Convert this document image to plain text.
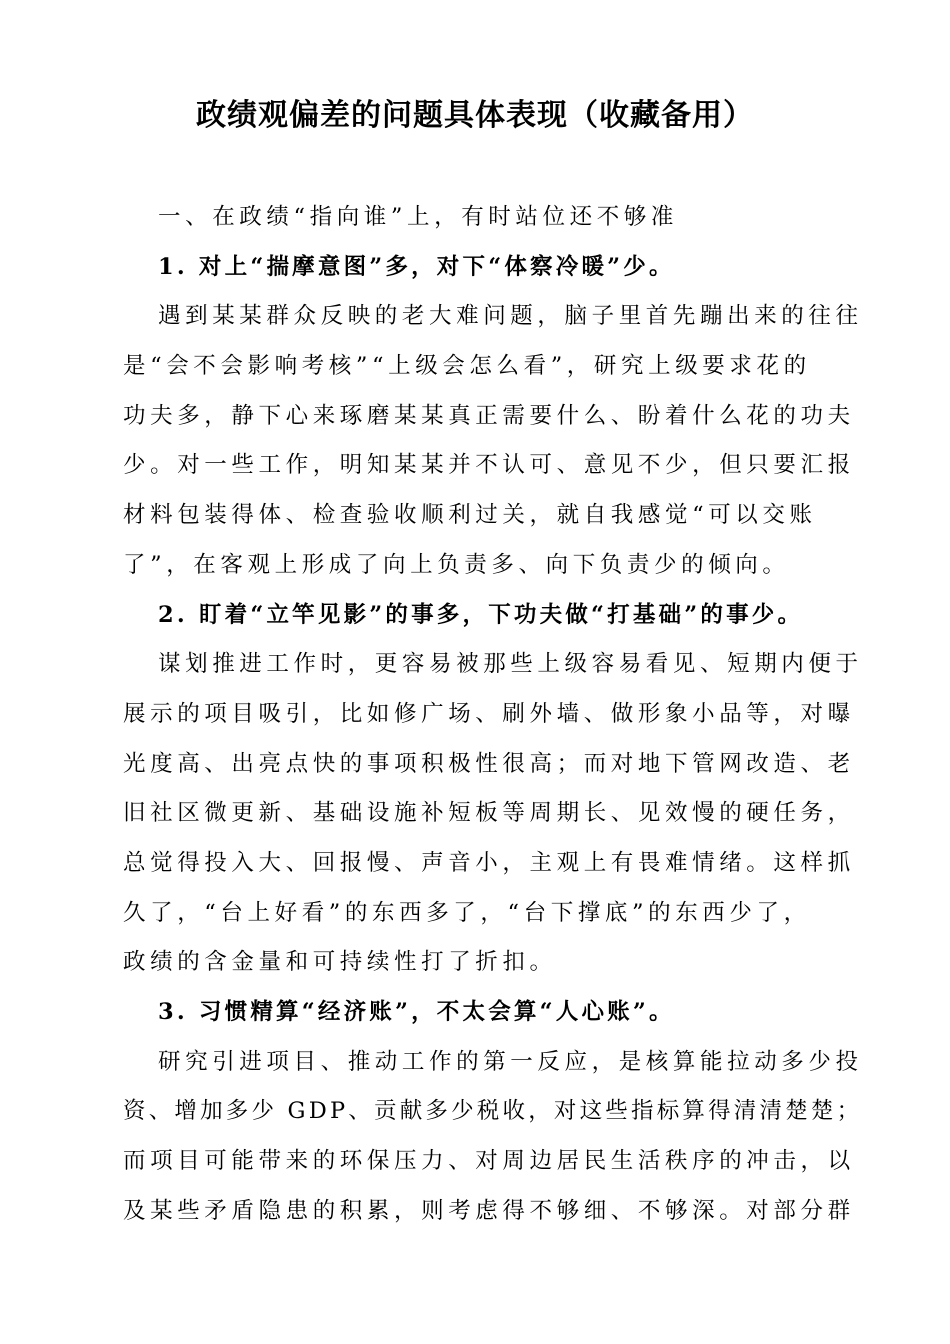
政绩观偏差的问题具体表现（收藏备用）
一、在政绩“指向谁”上，有时站位还不够准
1. 对上“揣摩意图”多，对下“体察冷暖”少。
遇到某某群众反映的老大难问题，脑子里首先蹦出来的往往
是“会不会影响考核”“上级会怎么看”，研究上级要求花的
功夫多，静下心来琢磨某某真正需要什么、盼着什么花的功夫
少。对一些工作，明知某某并不认可、意见不少，但只要汇报
材料包装得体、检查验收顺利过关，就自我感觉“可以交账
了”，在客观上形成了向上负责多、向下负责少的倾向。
2. 盯着“立竿见影”的事多，下功夫做“打基础”的事少。
谋划推进工作时，更容易被那些上级容易看见、短期内便于
展示的项目吸引，比如修广场、刷外墙、做形象小品等，对曝
光度高、出亮点快的事项积极性很高；而对地下管网改造、老
旧社区微更新、基础设施补短板等周期长、见效慢的硬任务，
总觉得投入大、回报慢、声音小，主观上有畏难情绪。这样抓
久了，“台上好看”的东西多了，“台下撑底”的东西少了，
政绩的含金量和可持续性打了折扣。
3. 习惯精算“经济账”，不太会算“人心账”。
研究引进项目、推动工作的第一反应，是核算能拉动多少投
资、增加多少 GDP、贡献多少税收，对这些指标算得清清楚楚；
而项目可能带来的环保压力、对周边居民生活秩序的冲击，以
及某些矛盾隐患的积累，则考虑得不够细、不够深。对部分群
